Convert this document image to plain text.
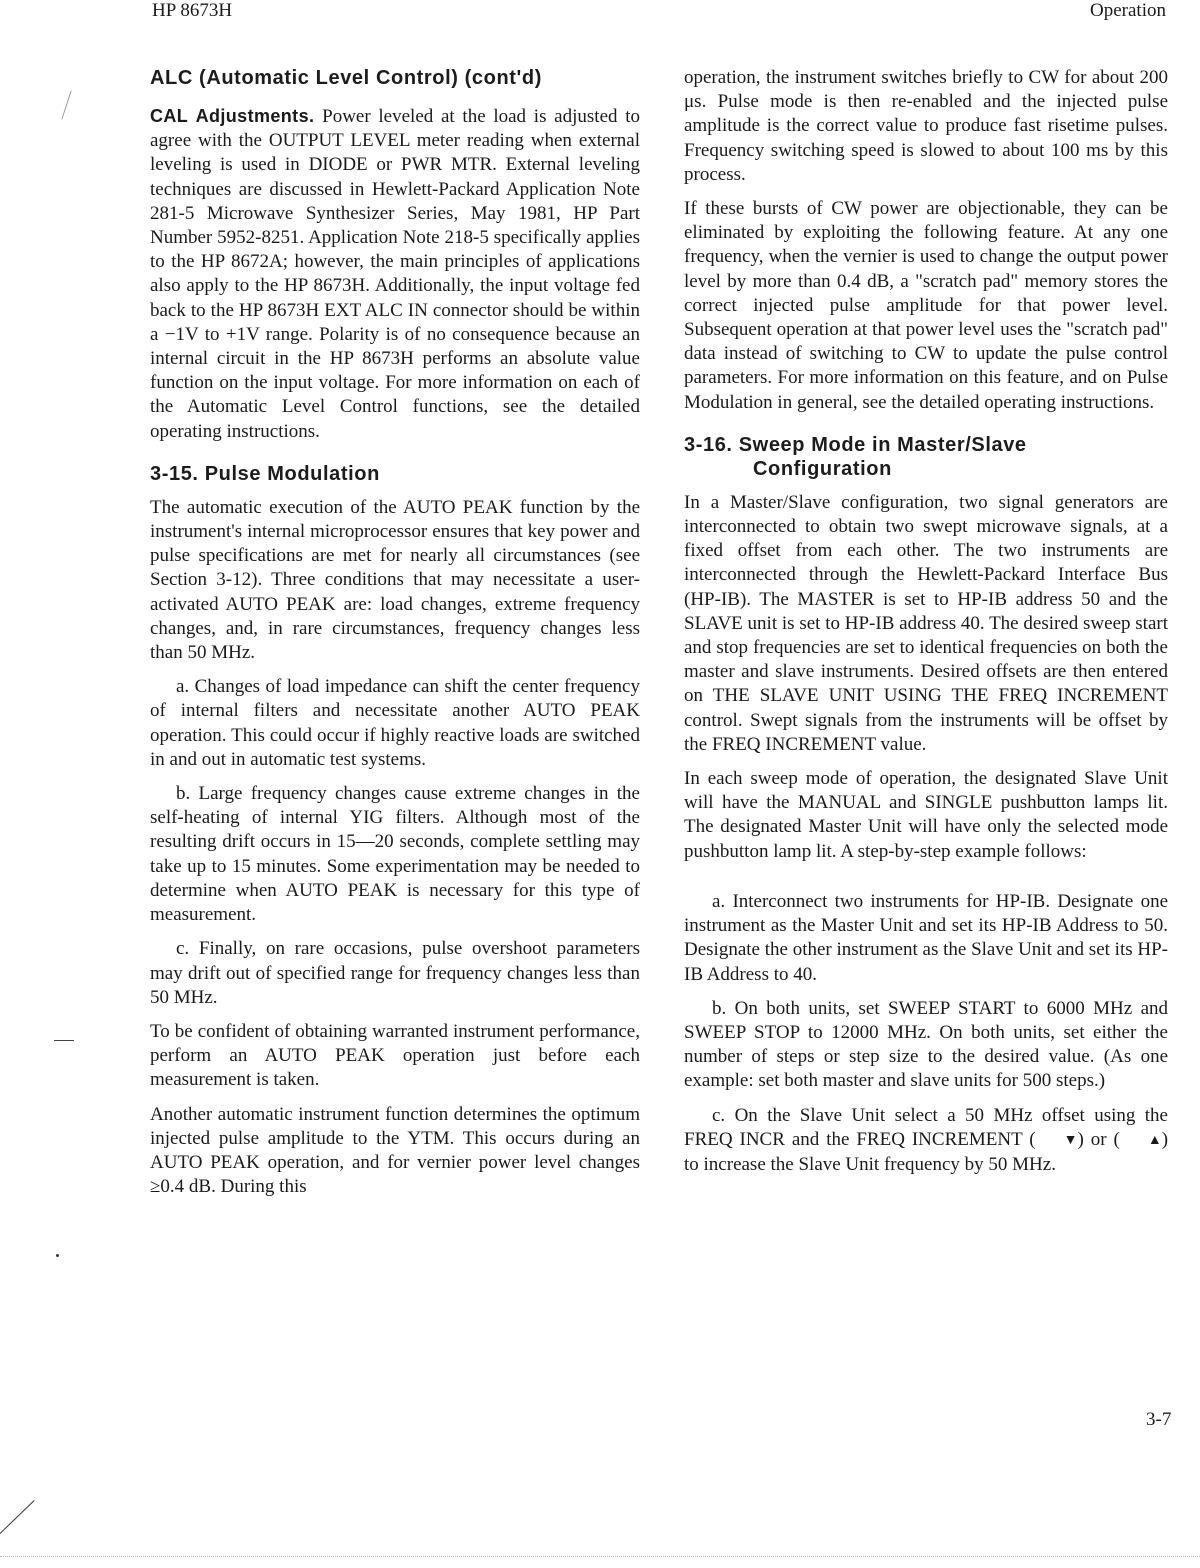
HP 8673H	Operation
ALC (Automatic Level Control) (cont'd)

CAL Adjustments. Power leveled at the load is adjusted to agree with the OUTPUT LEVEL meter reading when external leveling is used in DIODE or PWR MTR. External leveling techniques are discussed in Hewlett-Packard Application Note 281-5 Microwave Synthesizer Series, May 1981, HP Part Number 5952-8251. Application Note 218-5 specifically applies to the HP 8672A; however, the main principles of applications also apply to the HP 8673H. Additionally, the input voltage fed back to the HP 8673H EXT ALC IN connector should be within a −1V to +1V range. Polarity is of no consequence because an internal circuit in the HP 8673H performs an absolute value function on the input voltage. For more information on each of the Automatic Level Control functions, see the detailed operating instructions.

3-15. Pulse Modulation

The automatic execution of the AUTO PEAK function by the instrument's internal microprocessor ensures that key power and pulse specifications are met for nearly all circumstances (see Section 3-12). Three conditions that may necessitate a user-activated AUTO PEAK are: load changes, extreme frequency changes, and, in rare circumstances, frequency changes less than 50 MHz.

a. Changes of load impedance can shift the center frequency of internal filters and necessitate another AUTO PEAK operation. This could occur if highly reactive loads are switched in and out in automatic test systems.

b. Large frequency changes cause extreme changes in the self-heating of internal YIG filters. Although most of the resulting drift occurs in 15—20 seconds, complete settling may take up to 15 minutes. Some experimentation may be needed to determine when AUTO PEAK is necessary for this type of measurement.

c. Finally, on rare occasions, pulse overshoot parameters may drift out of specified range for frequency changes less than 50 MHz.

To be confident of obtaining warranted instrument performance, perform an AUTO PEAK operation just before each measurement is taken.

Another automatic instrument function determines the optimum injected pulse amplitude to the YTM. This occurs during an AUTO PEAK operation, and for vernier power level changes ≥0.4 dB. During this

operation, the instrument switches briefly to CW for about 200 μs. Pulse mode is then re-enabled and the injected pulse amplitude is the correct value to produce fast risetime pulses. Frequency switching speed is slowed to about 100 ms by this process.

If these bursts of CW power are objectionable, they can be eliminated by exploiting the following feature. At any one frequency, when the vernier is used to change the output power level by more than 0.4 dB, a "scratch pad" memory stores the correct injected pulse amplitude for that power level. Subsequent operation at that power level uses the "scratch pad" data instead of switching to CW to update the pulse control parameters. For more information on this feature, and on Pulse Modulation in general, see the detailed operating instructions.

3-16. Sweep Mode in Master/Slave
Configuration

In a Master/Slave configuration, two signal generators are interconnected to obtain two swept microwave signals, at a fixed offset from each other. The two instruments are interconnected through the Hewlett-Packard Interface Bus (HP-IB). The MASTER is set to HP-IB address 50 and the SLAVE unit is set to HP-IB address 40. The desired sweep start and stop frequencies are set to identical frequencies on both the master and slave instruments. Desired offsets are then entered on THE SLAVE UNIT USING THE FREQ INCREMENT control. Swept signals from the instruments will be offset by the FREQ INCREMENT value.

In each sweep mode of operation, the designated Slave Unit will have the MANUAL and SINGLE pushbutton lamps lit. The designated Master Unit will have only the selected mode pushbutton lamp lit. A step-by-step example follows:

a. Interconnect two instruments for HP-IB. Designate one instrument as the Master Unit and set its HP-IB Address to 50. Designate the other instrument as the Slave Unit and set its HP-IB Address to 40.

b. On both units, set SWEEP START to 6000 MHz and SWEEP STOP to 12000 MHz. On both units, set either the number of steps or step size to the desired value. (As one example: set both master and slave units for 500 steps.)

c. On the Slave Unit select a 50 MHz offset using the FREQ INCR and the FREQ INCREMENT ( ▼) or ( ▲) to increase the Slave Unit frequency by 50 MHz.

3-7
